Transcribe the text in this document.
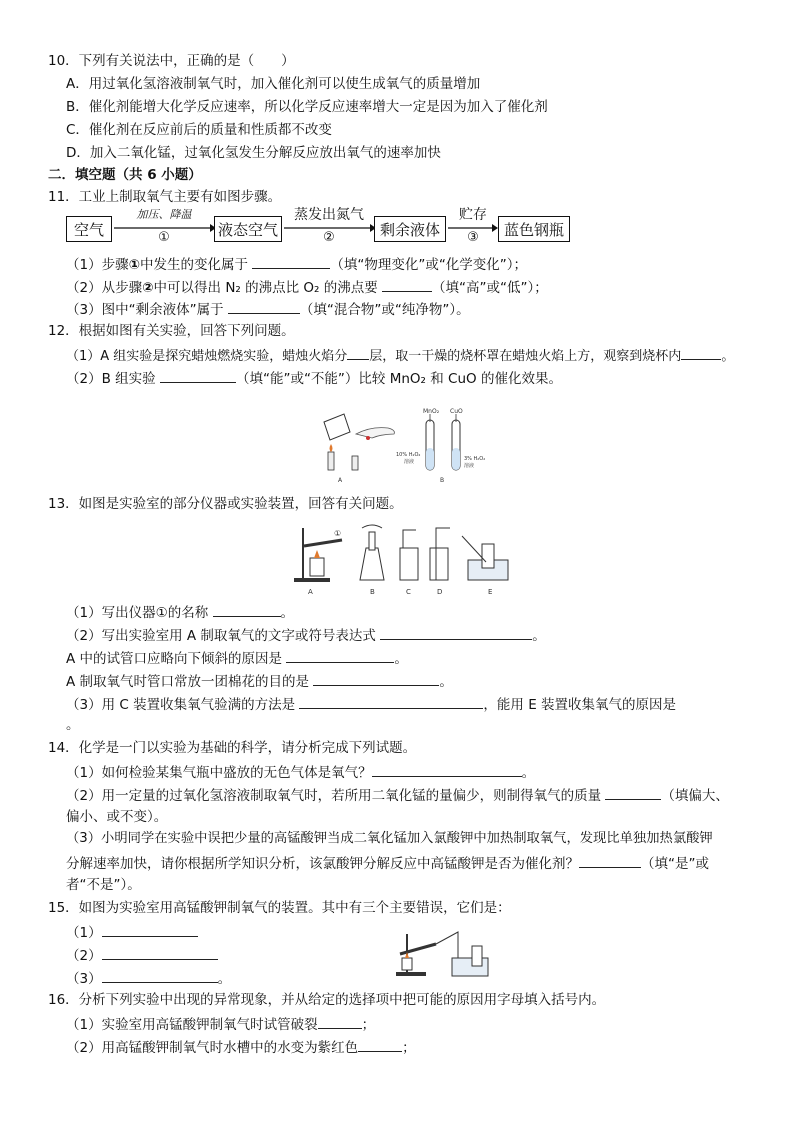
10．下列有关说法中，正确的是（　　）
A．用过氧化氢溶液制氧气时，加入催化剂可以使生成氧气的质量增加
B．催化剂能增大化学反应速率，所以化学反应速率增大一定是因为加入了催化剂
C．催化剂在反应前后的质量和性质都不改变
D．加入二氧化锰，过氧化氢发生分解反应放出氧气的速率加快
二．填空题（共 6 小题）
11．工业上制取氧气主要有如图步骤。
空气
加压、降温
①	液态空气
蒸发出氮气
②	剩余液体
贮存
③	蓝色钢瓶
（1）步骤①中发生的变化属于	（填“物理变化”或“化学变化”）；
（2）从步骤②中可以得出 N₂ 的沸点比 O₂ 的沸点要	（填“高”或“低”）；
（3）图中“剩余液体”属于	（填“混合物”或“纯净物”）。
12．根据如图有关实验，回答下列问题。
（1）A 组实验是探究蜡烛燃烧实验，蜡烛火焰分 层，取一干燥的烧杯罩在蜡烛火焰上方，观察到烧杯内	。
（2）B 组实验	（填“能”或“不能”）比较 MnO₂ 和 CuO 的催化效果。
MnO₂ CuO
10% H₂O₂
溶液	3% H₂O₂
溶液
A	B
13．如图是实验室的部分仪器或实验装置，回答有关问题。
A	B	C	D	E
①
（1）写出仪器①的名称	。
（2）写出实验室用 A 制取氧气的文字或符号表达式	。
A 中的试管口应略向下倾斜的原因是	。
A 制取氧气时管口常放一团棉花的目的是	。
（3）用 C 装置收集氧气验满的方法是	，能用 E 装置收集氧气的原因是
。
14．化学是一门以实验为基础的科学，请分析完成下列试题。
（1）如何检验某集气瓶中盛放的无色气体是氧气？	。
（2）用一定量的过氧化氢溶液制取氧气时，若所用二氧化锰的量偏少，则制得氧气的质量	（填偏大、
偏小、或不变）。
（3）小明同学在实验中误把少量的高锰酸钾当成二氧化锰加入氯酸钾中加热制取氧气，发现比单独加热氯酸钾
分解速率加快，请你根据所学知识分析，该氯酸钾分解反应中高锰酸钾是否为催化剂？	（填“是”或
者“不是”）。
15．如图为实验室用高锰酸钾制氧气的装置。其中有三个主要错误，它们是：
（1）
（2）
（3）	。
16．分析下列实验中出现的异常现象，并从给定的选择项中把可能的原因用字母填入括号内。
（1）实验室用高锰酸钾制氧气时试管破裂	；
（2）用高锰酸钾制氧气时水槽中的水变为紫红色	；
